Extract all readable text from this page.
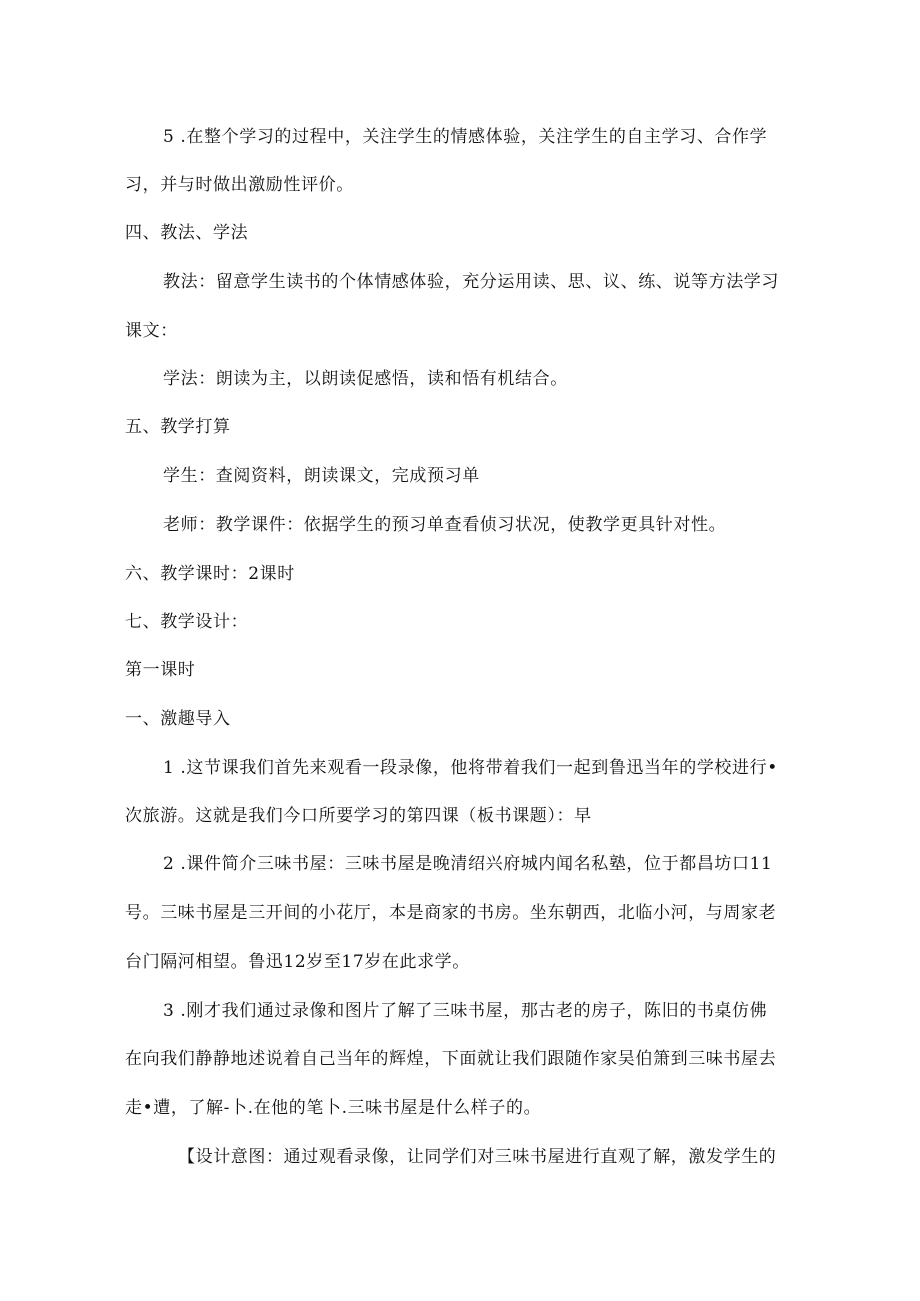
5 .在整个学习的过程中，关注学生的情感体验，关注学生的自主学习、合作学
习，并与时做出激励性评价。
四、教法、学法
教法：留意学生读书的个体情感体验，充分运用读、思、议、练、说等方法学习
课文：
学法：朗读为主，以朗读促感悟，读和悟有机结合。
五、教学打算
学生：查阅资料，朗读课文，完成预习单
老师：教学课件：依据学生的预习单查看侦习状况，使教学更具针对性。
六、教学课时：2课时
七、教学设计：
第一课时
一、激趣导入
1 .这节课我们首先来观看一段录像，他将带着我们一起到鲁迅当年的学校进行•
次旅游。这就是我们今口所要学习的第四课（板书课题）：早
2 .课件简介三味书屋：三味书屋是晚清绍兴府城内闻名私塾，位于都昌坊口11
号。三味书屋是三开间的小花厅，本是商家的书房。坐东朝西，北临小河，与周家老
台门隔河相望。鲁迅12岁至17岁在此求学。
3 .刚才我们通过录像和图片了解了三味书屋，那古老的房子，陈旧的书桌仿佛
在向我们静静地述说着自己当年的辉煌，下面就让我们跟随作家吴伯箫到三味书屋去
走•遭，了解-卜.在他的笔卜.三味书屋是什么样子的。
【设计意图：通过观看录像，让同学们对三味书屋进行直观了解，激发学生的
